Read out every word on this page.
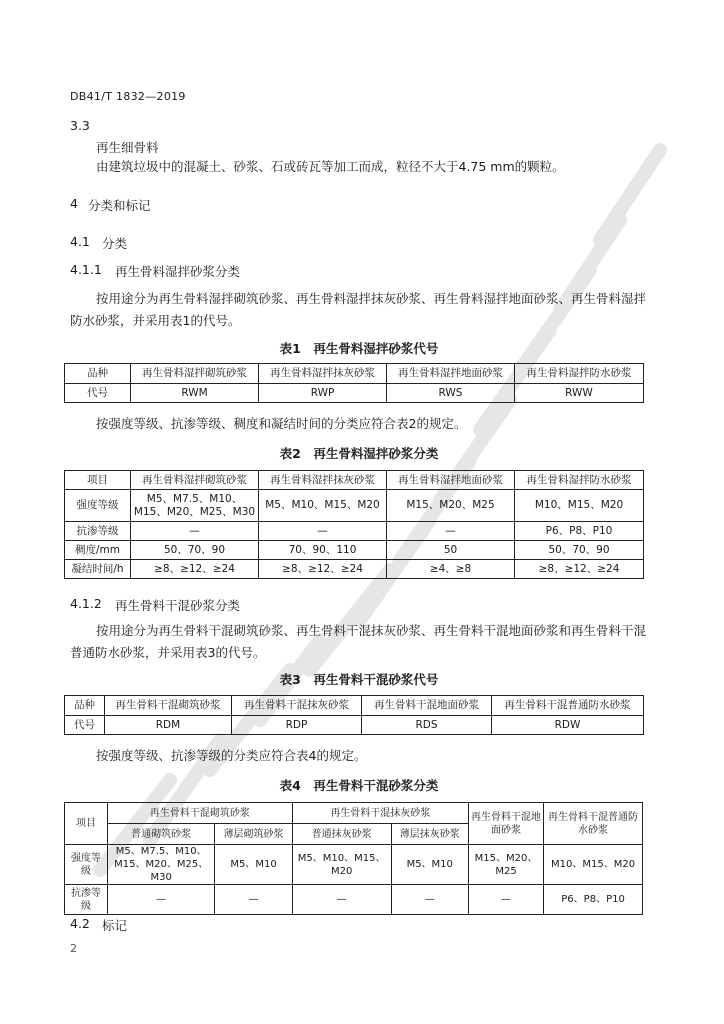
DB41/T 1832—2019
3.3
再生细骨料
由建筑垃圾中的混凝土、砂浆、石或砖瓦等加工而成，粒径不大于4.75 mm的颗粒。
4 分类和标记
4.1 分类
4.1.1 再生骨料湿拌砂浆分类
按用途分为再生骨料湿拌砌筑砂浆、再生骨料湿拌抹灰砂浆、再生骨料湿拌地面砂浆、再生骨料湿拌防水砂浆，并采用表1的代号。
表1　再生骨料湿拌砂浆代号
品种	再生骨料湿拌砌筑砂浆	再生骨料湿拌抹灰砂浆	再生骨料湿拌地面砂浆	再生骨料湿拌防水砂浆
代号	RWM	RWP	RWS	RWW
按强度等级、抗渗等级、稠度和凝结时间的分类应符合表2的规定。
表2　再生骨料湿拌砂浆分类
项目	再生骨料湿拌砌筑砂浆	再生骨料湿拌抹灰砂浆	再生骨料湿拌地面砂浆	再生骨料湿拌防水砂浆
强度等级	M5、M7.5、M10、M15、M20、M25、M30	M5、M10、M15、M20	M15、M20、M25	M10、M15、M20
抗渗等级	—	—	—	P6、P8、P10
稠度/mm	50、70、90	70、90、110	50	50、70、90
凝结时间/h	≥8、≥12、≥24	≥8、≥12、≥24	≥4、≥8	≥8、≥12、≥24
4.1.2 再生骨料干混砂浆分类
按用途分为再生骨料干混砌筑砂浆、再生骨料干混抹灰砂浆、再生骨料干混地面砂浆和再生骨料干混普通防水砂浆，并采用表3的代号。
表3　再生骨料干混砂浆代号
品种	再生骨料干混砌筑砂浆	再生骨料干混抹灰砂浆	再生骨料干混地面砂浆	再生骨料干混普通防水砂浆
代号	RDM	RDP	RDS	RDW
按强度等级、抗渗等级的分类应符合表4的规定。
表4　再生骨料干混砂浆分类
项目	再生骨料干混砌筑砂浆		再生骨料干混抹灰砂浆		再生骨料干混地面砂浆	再生骨料干混普通防水砂浆
	普通砌筑砂浆	薄层砌筑砂浆	普通抹灰砂浆	薄层抹灰砂浆		
强度等级	M5、M7.5、M10、M15、M20、M25、M30	M5、M10	M5、M10、M15、M20	M5、M10	M15、M20、M25	M10、M15、M20
抗渗等级	—	—	—	—	—	P6、P8、P10
4.2 标记
2
